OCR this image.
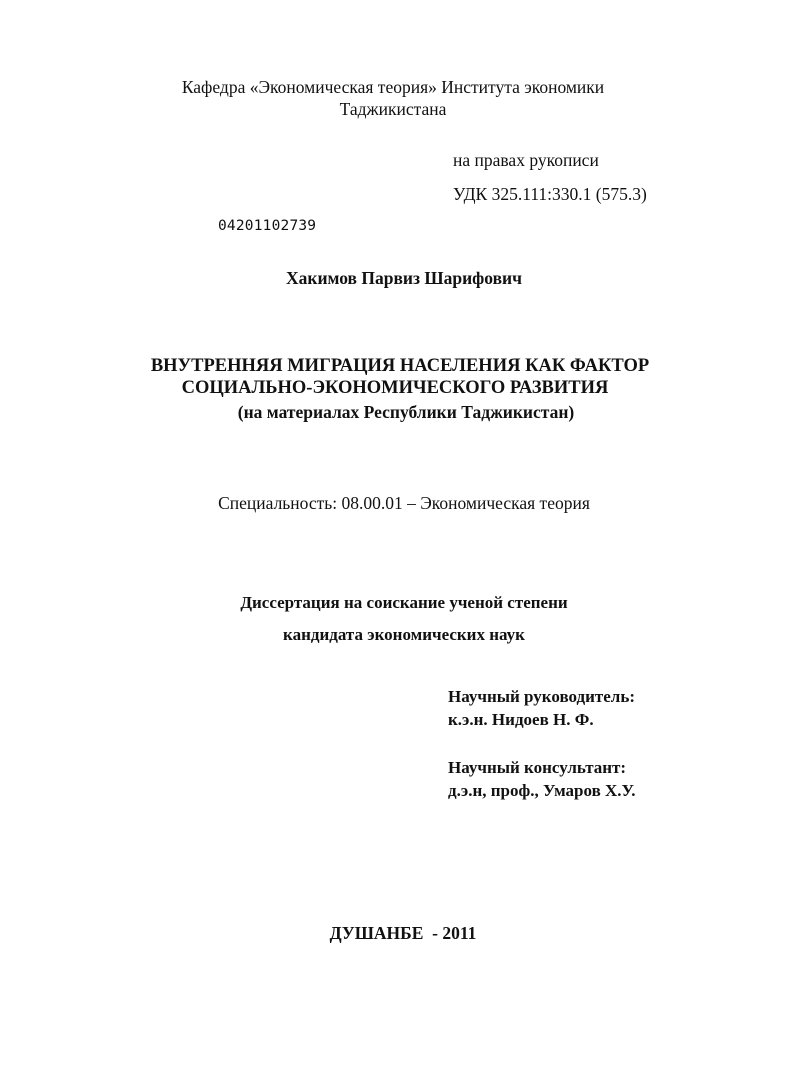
Кафедра «Экономическая теория» Института экономики
Таджикистана
на правах рукописи
УДК 325.111:330.1 (575.3)
04201102739
Хакимов Парвиз Шарифович
ВНУТРЕННЯЯ МИГРАЦИЯ НАСЕЛЕНИЯ КАК ФАКТОР
СОЦИАЛЬНО-ЭКОНОМИЧЕСКОГО РАЗВИТИЯ
(на материалах Республики Таджикистан)
Специальность: 08.00.01 – Экономическая теория
Диссертация на соискание ученой степени
кандидата экономических наук
Научный руководитель:
к.э.н. Нидоев Н. Ф.
Научный консультант:
д.э.н, проф., Умаров Х.У.
ДУШАНБЕ  - 2011
